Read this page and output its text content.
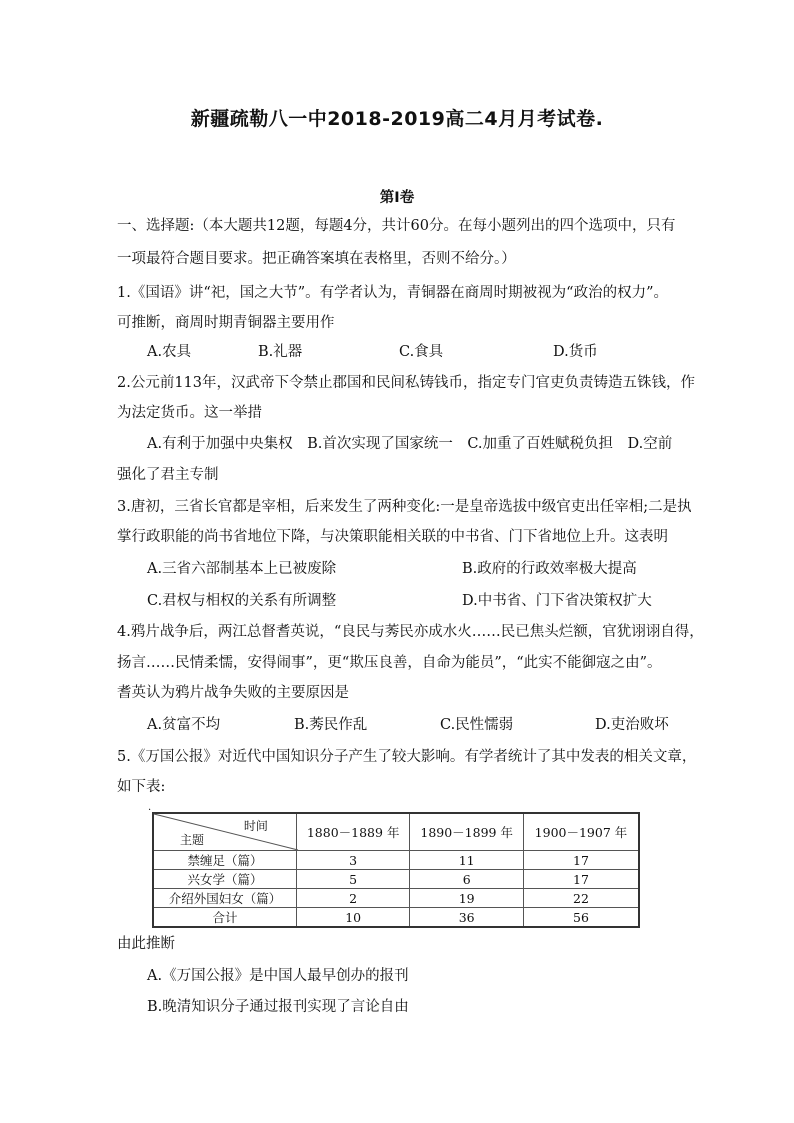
新疆疏勒八一中2018-2019高二4月月考试卷.
第Ⅰ卷
一、选择题:（本大题共12题，每题4分，共计60分。在每小题列出的四个选项中，只有
一项最符合题目要求。把正确答案填在表格里，否则不给分。）
1.《国语》讲“祀，国之大节”。有学者认为，青铜器在商周时期被视为“政治的权力”。
可推断，商周时期青铜器主要用作
A.农具	B.礼器	C.食具	D.货币
2.公元前113年，汉武帝下令禁止郡国和民间私铸钱币，指定专门官吏负责铸造五铢钱，作
为法定货币。这一举措
A.有利于加强中央集权　B.首次实现了国家统一　C.加重了百姓赋税负担　D.空前
强化了君主专制
3.唐初，三省长官都是宰相，后来发生了两种变化:一是皇帝选拔中级官吏出任宰相;二是执
掌行政职能的尚书省地位下降，与决策职能相关联的中书省、门下省地位上升。这表明
A.三省六部制基本上已被废除	B.政府的行政效率极大提高
C.君权与相权的关系有所调整	D.中书省、门下省决策权扩大
4.鸦片战争后，两江总督耆英说，“良民与莠民亦成水火……民已焦头烂额，官犹诩诩自得，
扬言……民情柔懦，安得闹事”，更“欺压良善，自命为能员”，“此实不能御寇之由”。
耆英认为鸦片战争失败的主要原因是
A.贫富不均	B.莠民作乱	C.民性懦弱	D.吏治败坏
5.《万国公报》对近代中国知识分子产生了较大影响。有学者统计了其中发表的相关文章，
如下表:
.
时间
主题	1880－1889 年	1890－1899 年	1900－1907 年
禁缠足（篇）	3	11	17
兴女学（篇）	5	6	17
介绍外国妇女（篇）	2	19	22
合计	10	36	56
由此推断
A.《万国公报》是中国人最早创办的报刊
B.晚清知识分子通过报刊实现了言论自由
